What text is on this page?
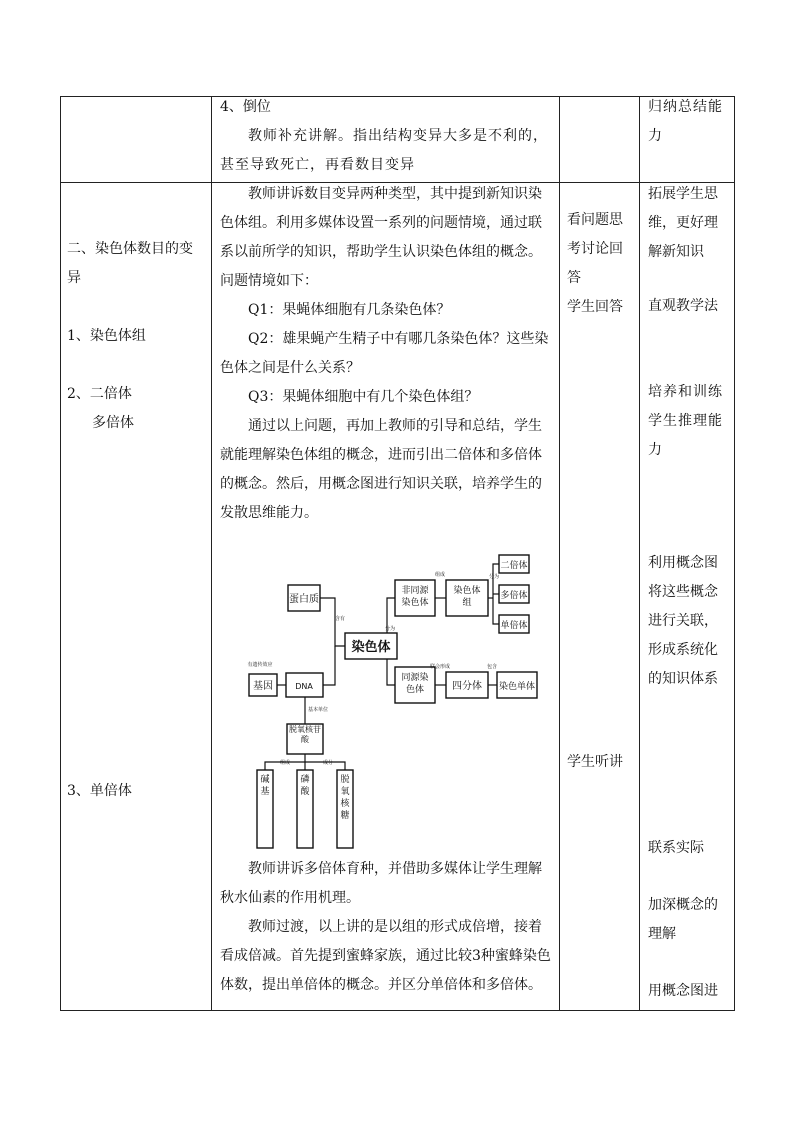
4、倒位

教师补充讲解。指出结构变异大多是不利的，甚至导致死亡，再看数目变异

归纳总结能
力
二、染色体数目的变
异
1、染色体组
2、二倍体
多倍体
3、单倍体

教师讲诉数目变异两种类型，其中提到新知识染色体组。利用多媒体设置一系列的问题情境，通过联系以前所学的知识，帮助学生认识染色体组的概念。问题情境如下：

Q1：果蝇体细胞有几条染色体？

Q2：雄果蝇产生精子中有哪几条染色体？这些染色体之间是什么关系？

Q3：果蝇体细胞中有几个染色体组？

通过以上问题，再加上教师的引导和总结，学生就能理解染色体组的概念，进而引出二倍体和多倍体的概念。然后，用概念图进行知识关联，培养学生的发散思维能力。

蛋白质
染色体
基因	DNA
二倍体
多倍体
单倍体
四分体 染色单体
非同源染色体
染色体组
同源染色体
脱氧核苷酸
碱基
磷酸
脱氧核糖
含有
分为
有遗传效应
基本单位
组成
联会形成	包含
组成
分为
成分

教师讲诉多倍体育种，并借助多媒体让学生理解秋水仙素的作用机理。

教师过渡，以上讲的是以组的形式成倍增，接着看成倍减。首先提到蜜蜂家族，通过比较3种蜜蜂染色体数，提出单倍体的概念。并区分单倍体和多倍体。

看问题思
考讨论回
答
学生回答
学生听讲
拓展学生思
维，更好理
解新知识
直观教学法
培养和训练
学生推理能
力
利用概念图
将这些概念
进行关联，
形成系统化
的知识体系
联系实际
加深概念的
理解
用概念图进
